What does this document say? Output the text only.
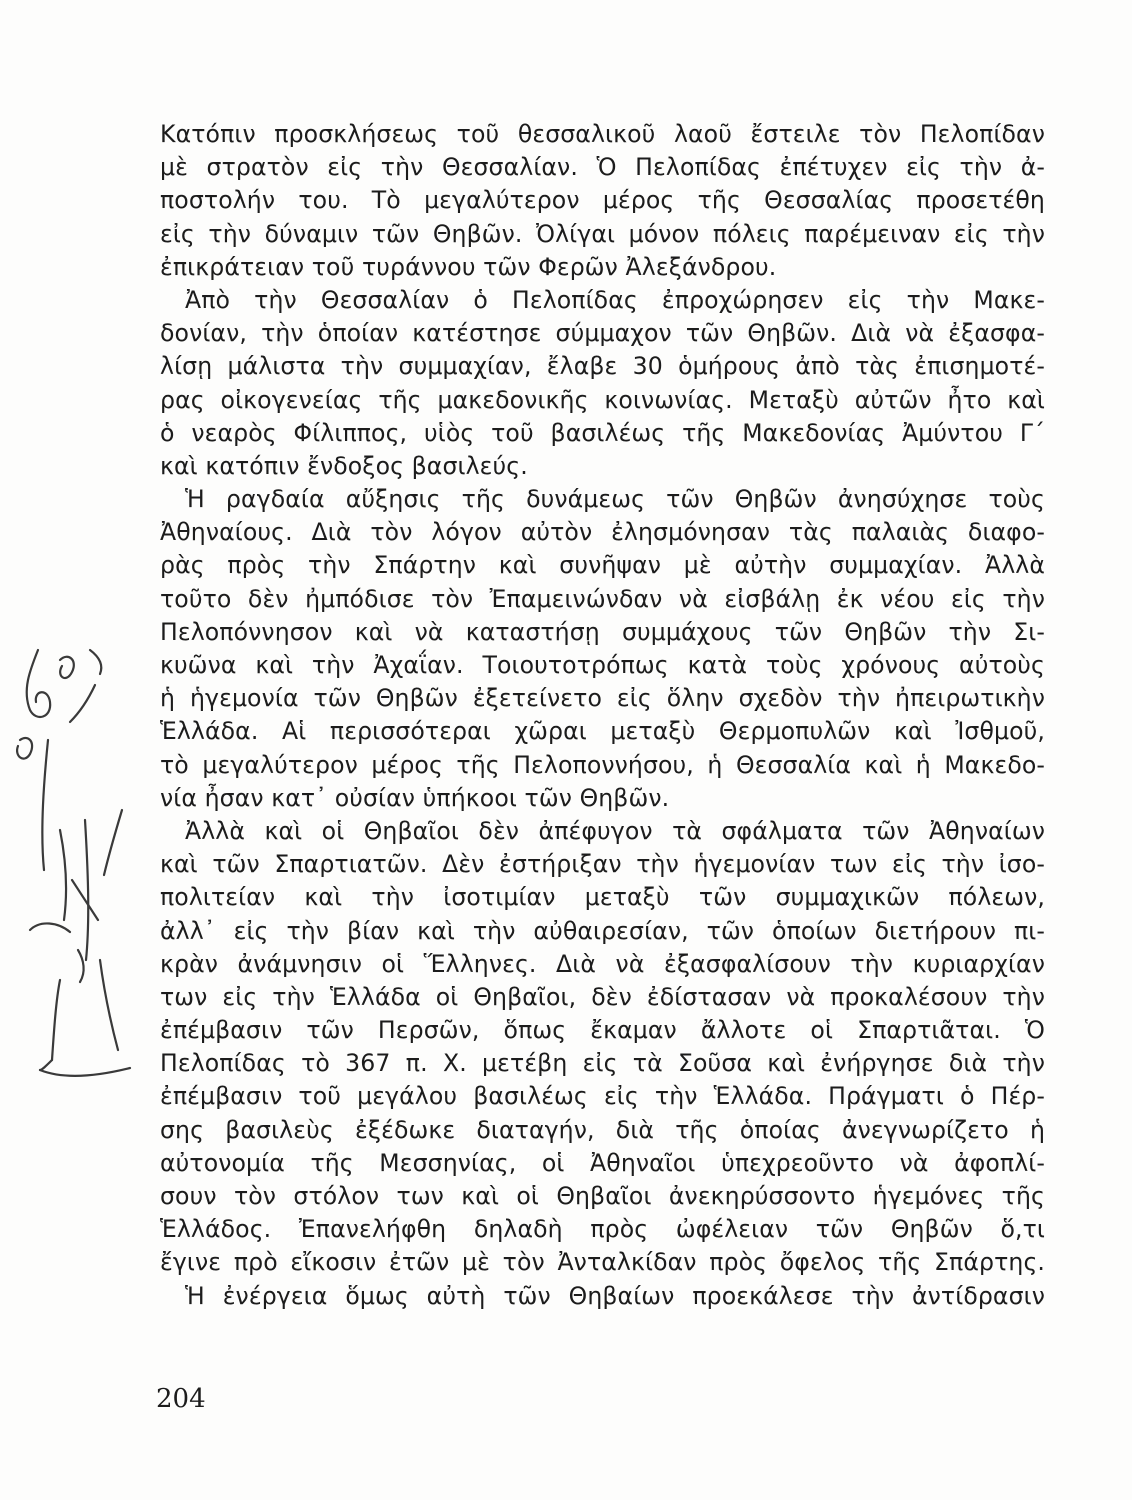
Κατόπιν προσκλήσεως τοῦ θεσσαλικοῦ λαοῦ ἔστειλε τὸν Πελοπίδαν
μὲ στρατὸν εἰς τὴν Θεσσαλίαν. Ὁ Πελοπίδας ἐπέτυχεν εἰς τὴν ἀ-
ποστολήν του. Τὸ μεγαλύτερον μέρος τῆς Θεσσαλίας προσετέθη
εἰς τὴν δύναμιν τῶν Θηβῶν. Ὀλίγαι μόνον πόλεις παρέμειναν εἰς τὴν
ἐπικράτειαν τοῦ τυράννου τῶν Φερῶν Ἀλεξάνδρου.
Ἀπὸ τὴν Θεσσαλίαν ὁ Πελοπίδας ἐπροχώρησεν εἰς τὴν Μακε-
δονίαν, τὴν ὁποίαν κατέστησε σύμμαχον τῶν Θηβῶν. Διὰ νὰ ἐξασφα-
λίσῃ μάλιστα τὴν συμμαχίαν, ἔλαβε 30 ὁμήρους ἀπὸ τὰς ἐπισημοτέ-
ρας οἰκογενείας τῆς μακεδονικῆς κοινωνίας. Μεταξὺ αὐτῶν ἦτο καὶ
ὁ νεαρὸς Φίλιππος, υἱὸς τοῦ βασιλέως τῆς Μακεδονίας Ἀμύντου Γ΄
καὶ κατόπιν ἔνδοξος βασιλεύς.
Ἡ ραγδαία αὔξησις τῆς δυνάμεως τῶν Θηβῶν ἀνησύχησε τοὺς
Ἀθηναίους. Διὰ τὸν λόγον αὐτὸν ἐλησμόνησαν τὰς παλαιὰς διαφο-
ρὰς πρὸς τὴν Σπάρτην καὶ συνῆψαν μὲ αὐτὴν συμμαχίαν. Ἀλλὰ
τοῦτο δὲν ἠμπόδισε τὸν Ἐπαμεινώνδαν νὰ εἰσβάλῃ ἐκ νέου εἰς τὴν
Πελοπόννησον καὶ νὰ καταστήσῃ συμμάχους τῶν Θηβῶν τὴν Σι-
κυῶνα καὶ τὴν Ἀχαΐαν. Τοιουτοτρόπως κατὰ τοὺς χρόνους αὐτοὺς
ἡ ἡγεμονία τῶν Θηβῶν ἐξετείνετο εἰς ὅλην σχεδὸν τὴν ἠπειρωτικὴν
Ἑλλάδα. Αἱ περισσότεραι χῶραι μεταξὺ Θερμοπυλῶν καὶ Ἰσθμοῦ,
τὸ μεγαλύτερον μέρος τῆς Πελοποννήσου, ἡ Θεσσαλία καὶ ἡ Μακεδο-
νία ἦσαν κατ᾽ οὐσίαν ὑπήκοοι τῶν Θηβῶν.
Ἀλλὰ καὶ οἱ Θηβαῖοι δὲν ἀπέφυγον τὰ σφάλματα τῶν Ἀθηναίων
καὶ τῶν Σπαρτιατῶν. Δὲν ἐστήριξαν τὴν ἡγεμονίαν των εἰς τὴν ἰσο-
πολιτείαν καὶ τὴν ἰσοτιμίαν μεταξὺ τῶν συμμαχικῶν πόλεων,
ἀλλ᾽ εἰς τὴν βίαν καὶ τὴν αὐθαιρεσίαν, τῶν ὁποίων διετήρουν πι-
κρὰν ἀνάμνησιν οἱ Ἕλληνες. Διὰ νὰ ἐξασφαλίσουν τὴν κυριαρχίαν
των εἰς τὴν Ἑλλάδα οἱ Θηβαῖοι, δὲν ἐδίστασαν νὰ προκαλέσουν τὴν
ἐπέμβασιν τῶν Περσῶν, ὅπως ἔκαμαν ἄλλοτε οἱ Σπαρτιᾶται. Ὁ
Πελοπίδας τὸ 367 π. Χ. μετέβη εἰς τὰ Σοῦσα καὶ ἐνήργησε διὰ τὴν
ἐπέμβασιν τοῦ μεγάλου βασιλέως εἰς τὴν Ἑλλάδα. Πράγματι ὁ Πέρ-
σης βασιλεὺς ἐξέδωκε διαταγήν, διὰ τῆς ὁποίας ἀνεγνωρίζετο ἡ
αὐτονομία τῆς Μεσσηνίας, οἱ Ἀθηναῖοι ὑπεχρεοῦντο νὰ ἀφοπλί-
σουν τὸν στόλον των καὶ οἱ Θηβαῖοι ἀνεκηρύσσοντο ἡγεμόνες τῆς
Ἑλλάδος. Ἐπανελήφθη δηλαδὴ πρὸς ὠφέλειαν τῶν Θηβῶν ὅ,τι
ἔγινε πρὸ εἴκοσιν ἐτῶν μὲ τὸν Ἀνταλκίδαν πρὸς ὄφελος τῆς Σπάρτης.
Ἡ ἐνέργεια ὅμως αὐτὴ τῶν Θηβαίων προεκάλεσε τὴν ἀντίδρασιν
204
